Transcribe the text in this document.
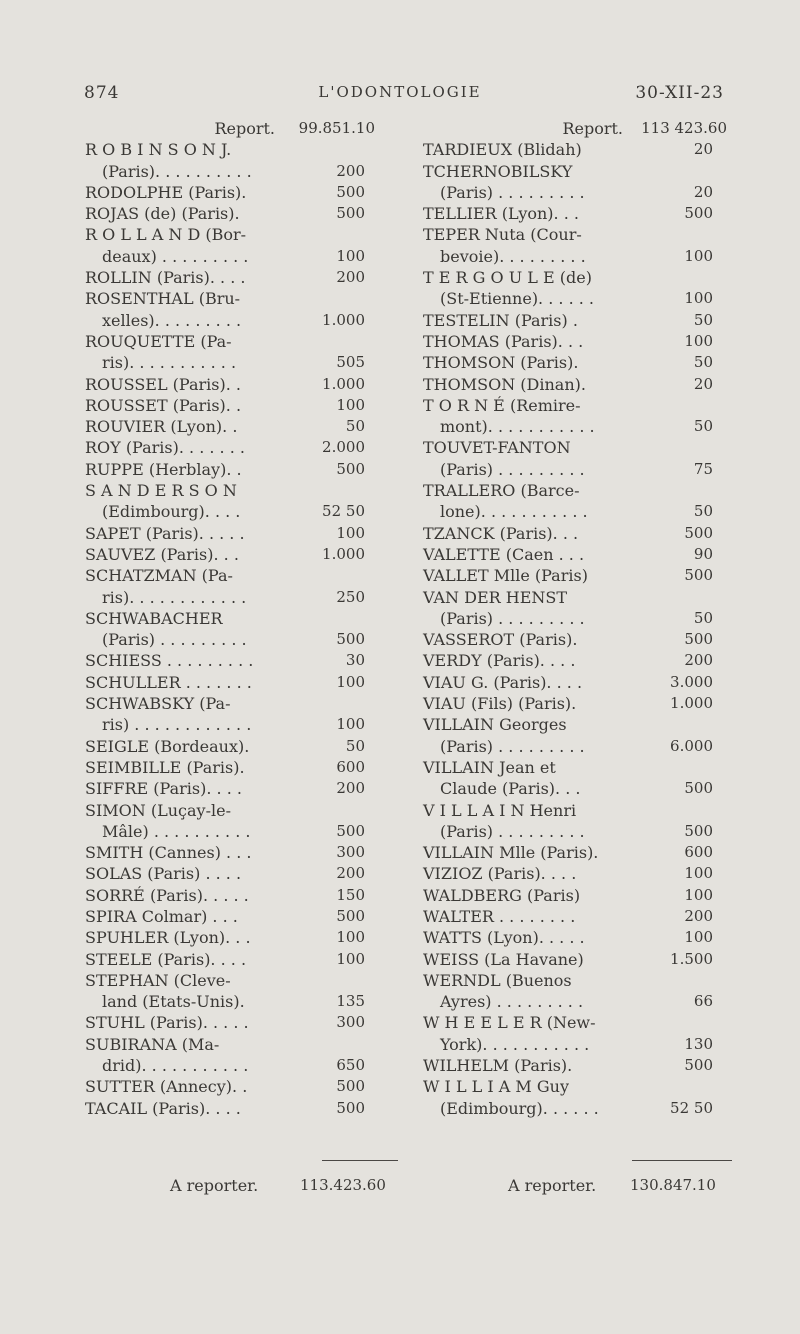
874	L'ODONTOLOGIE	30-XII-23
Report. 99.851.10
R O B I N S O N J.
(Paris). . . . . . . . . .	200
RODOLPHE (Paris).	500
ROJAS (de) (Paris).	500
R O L L A N D (Bor-
deaux) . . . . . . . . .	100
ROLLIN (Paris). . . .	200
ROSENTHAL (Bru-
xelles). . . . . . . . .	1.000
ROUQUETTE (Pa-
ris). . . . . . . . . . .	505
ROUSSEL (Paris). .	1.000
ROUSSET (Paris). .	100
ROUVIER (Lyon). .	50
ROY (Paris). . . . . . .	2.000
RUPPE (Herblay). .	500
S A N D E R S O N
(Edimbourg). . . .	52 50
SAPET (Paris). . . . .	100
SAUVEZ (Paris). . .	1.000
SCHATZMAN (Pa-
ris). . . . . . . . . . . .	250
SCHWABACHER
(Paris) . . . . . . . . .	500
SCHIESS . . . . . . . . .	30
SCHULLER . . . . . . .	100
SCHWABSKY (Pa-
ris) . . . . . . . . . . . .	100
SEIGLE (Bordeaux).	50
SEIMBILLE (Paris).	600
SIFFRE (Paris). . . .	200
SIMON (Luçay-le-
Mâle) . . . . . . . . . .	500
SMITH (Cannes) . . .	300
SOLAS (Paris) . . . .	200
SORRÉ (Paris). . . . .	150
SPIRA Colmar) . . .	500
SPUHLER (Lyon). . .	100
STEELE (Paris). . . .	100
STEPHAN (Cleve-
land (Etats-Unis).	135
STUHL (Paris). . . . .	300
SUBIRANA (Ma-
drid). . . . . . . . . . .	650
SUTTER (Annecy). .	500
TACAIL (Paris). . . .	500
Report. 113 423.60
TARDIEUX (Blidah)	20
TCHERNOBILSKY
(Paris) . . . . . . . . .	20
TELLIER (Lyon). . .	500
TEPER Nuta (Cour-
bevoie). . . . . . . . .	100
T E R G O U L E (de)
(St-Etienne). . . . . .	100
TESTELIN (Paris) .	50
THOMAS (Paris). . .	100
THOMSON (Paris).	50
THOMSON (Dinan).	20
T O R N É (Remire-
mont). . . . . . . . . . .	50
TOUVET-FANTON
(Paris) . . . . . . . . .	75
TRALLERO (Barce-
lone). . . . . . . . . . .	50
TZANCK (Paris). . .	500
VALETTE (Caen . . .	90
VALLET Mlle (Paris)	500
VAN DER HENST
(Paris) . . . . . . . . .	50
VASSEROT (Paris).	500
VERDY (Paris). . . .	200
VIAU G. (Paris). . . .	3.000
VIAU (Fils) (Paris).	1.000
VILLAIN Georges
(Paris) . . . . . . . . .	6.000
VILLAIN Jean et
Claude (Paris). . .	500
V I L L A I N Henri
(Paris) . . . . . . . . .	500
VILLAIN Mlle (Paris).	600
VIZIOZ (Paris). . . .	100
WALDBERG (Paris)	100
WALTER . . . . . . . .	200
WATTS (Lyon). . . . .	100
WEISS (La Havane)	1.500
WERNDL (Buenos
Ayres) . . . . . . . . .	66
W H E E L E R (New-
York). . . . . . . . . . .	130
WILHELM (Paris).	500
W I L L I A M Guy
(Edimbourg). . . . . .	52 50
A reporter.	113.423.60	A reporter. 130.847.10
